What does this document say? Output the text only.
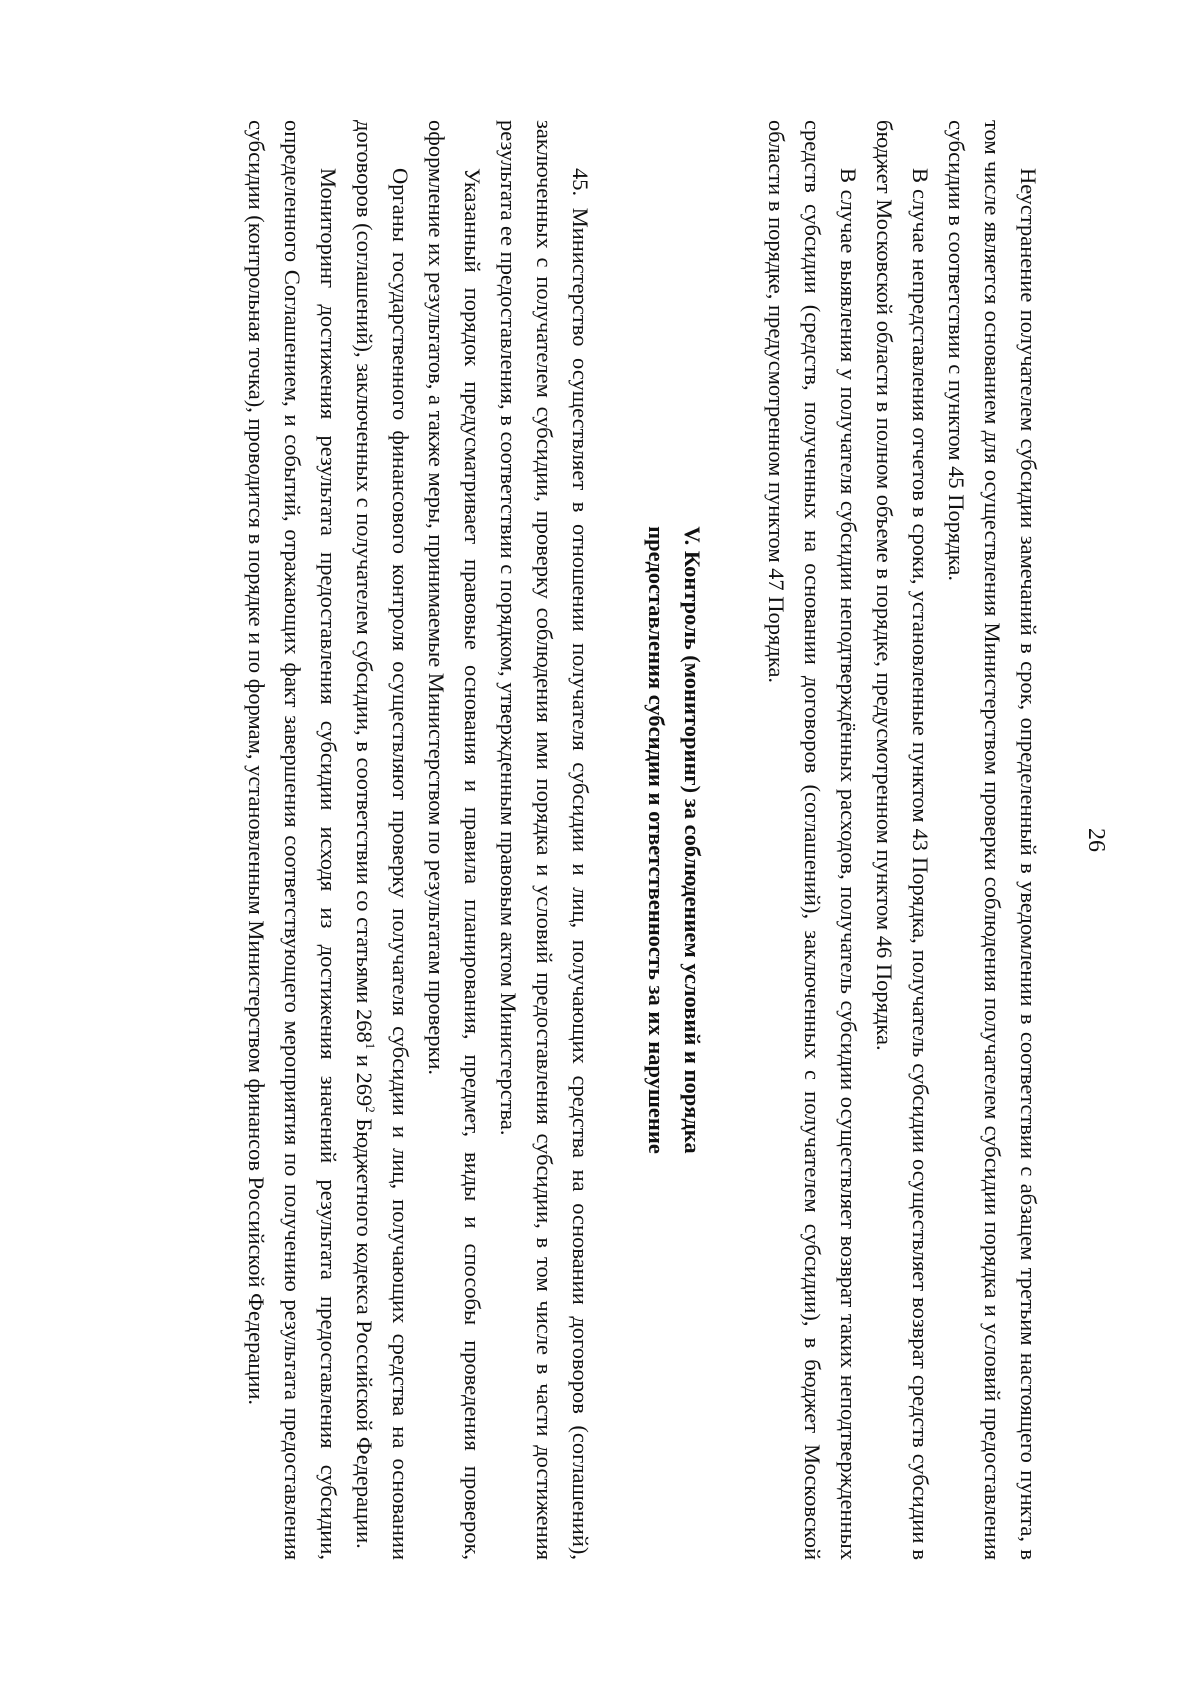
26

Неустранение получателем субсидии замечаний в срок, определенный в уведомлении в соответствии с абзацем третьим настоящего пункта, в том числе является основанием для осуществления Министерством проверки соблюдения получателем субсидии порядка и условий предоставления субсидии в соответствии с пунктом 45 Порядка.

В случае непредставления отчетов в сроки, установленные пунктом 43 Порядка, получатель субсидии осуществляет возврат средств субсидии в бюджет Московской области в полном объеме в порядке, предусмотренном пунктом 46 Порядка.

В случае выявления у получателя субсидии неподтверждённых расходов, получатель субсидии осуществляет возврат таких неподтвержденных средств субсидии (средств, полученных на основании договоров (соглашений), заключенных с получателем субсидии), в бюджет Московской области в порядке, предусмотренном пунктом 47 Порядка.

V. Контроль (мониторинг) за соблюдением условий и порядка
предоставления субсидии и ответственность за их нарушение

45. Министерство осуществляет в отношении получателя субсидии и лиц, получающих средства на основании договоров (соглашений), заключенных с получателем субсидии, проверку соблюдения ими порядка и условий предоставления субсидии, в том числе в части достижения результата ее предоставления, в соответствии с порядком, утвержденным правовым актом Министерства.

Указанный порядок предусматривает правовые основания и правила планирования, предмет, виды и способы проведения проверок, оформление их результатов, а также меры, принимаемые Министерством по результатам проверки.

Органы государственного финансового контроля осуществляют проверку получателя субсидии и лиц, получающих средства на основании договоров (соглашений), заключенных с получателем субсидии, в соответствии со статьями $268^1$ и $269^2$ Бюджетного кодекса Российской Федерации.

Мониторинг достижения результата предоставления субсидии исходя из достижения значений результата предоставления субсидии, определенного Соглашением, и событий, отражающих факт завершения соответствующего мероприятия по получению результата предоставления субсидии (контрольная точка), проводится в порядке и по формам, установленным Министерством финансов Российской Федерации.
